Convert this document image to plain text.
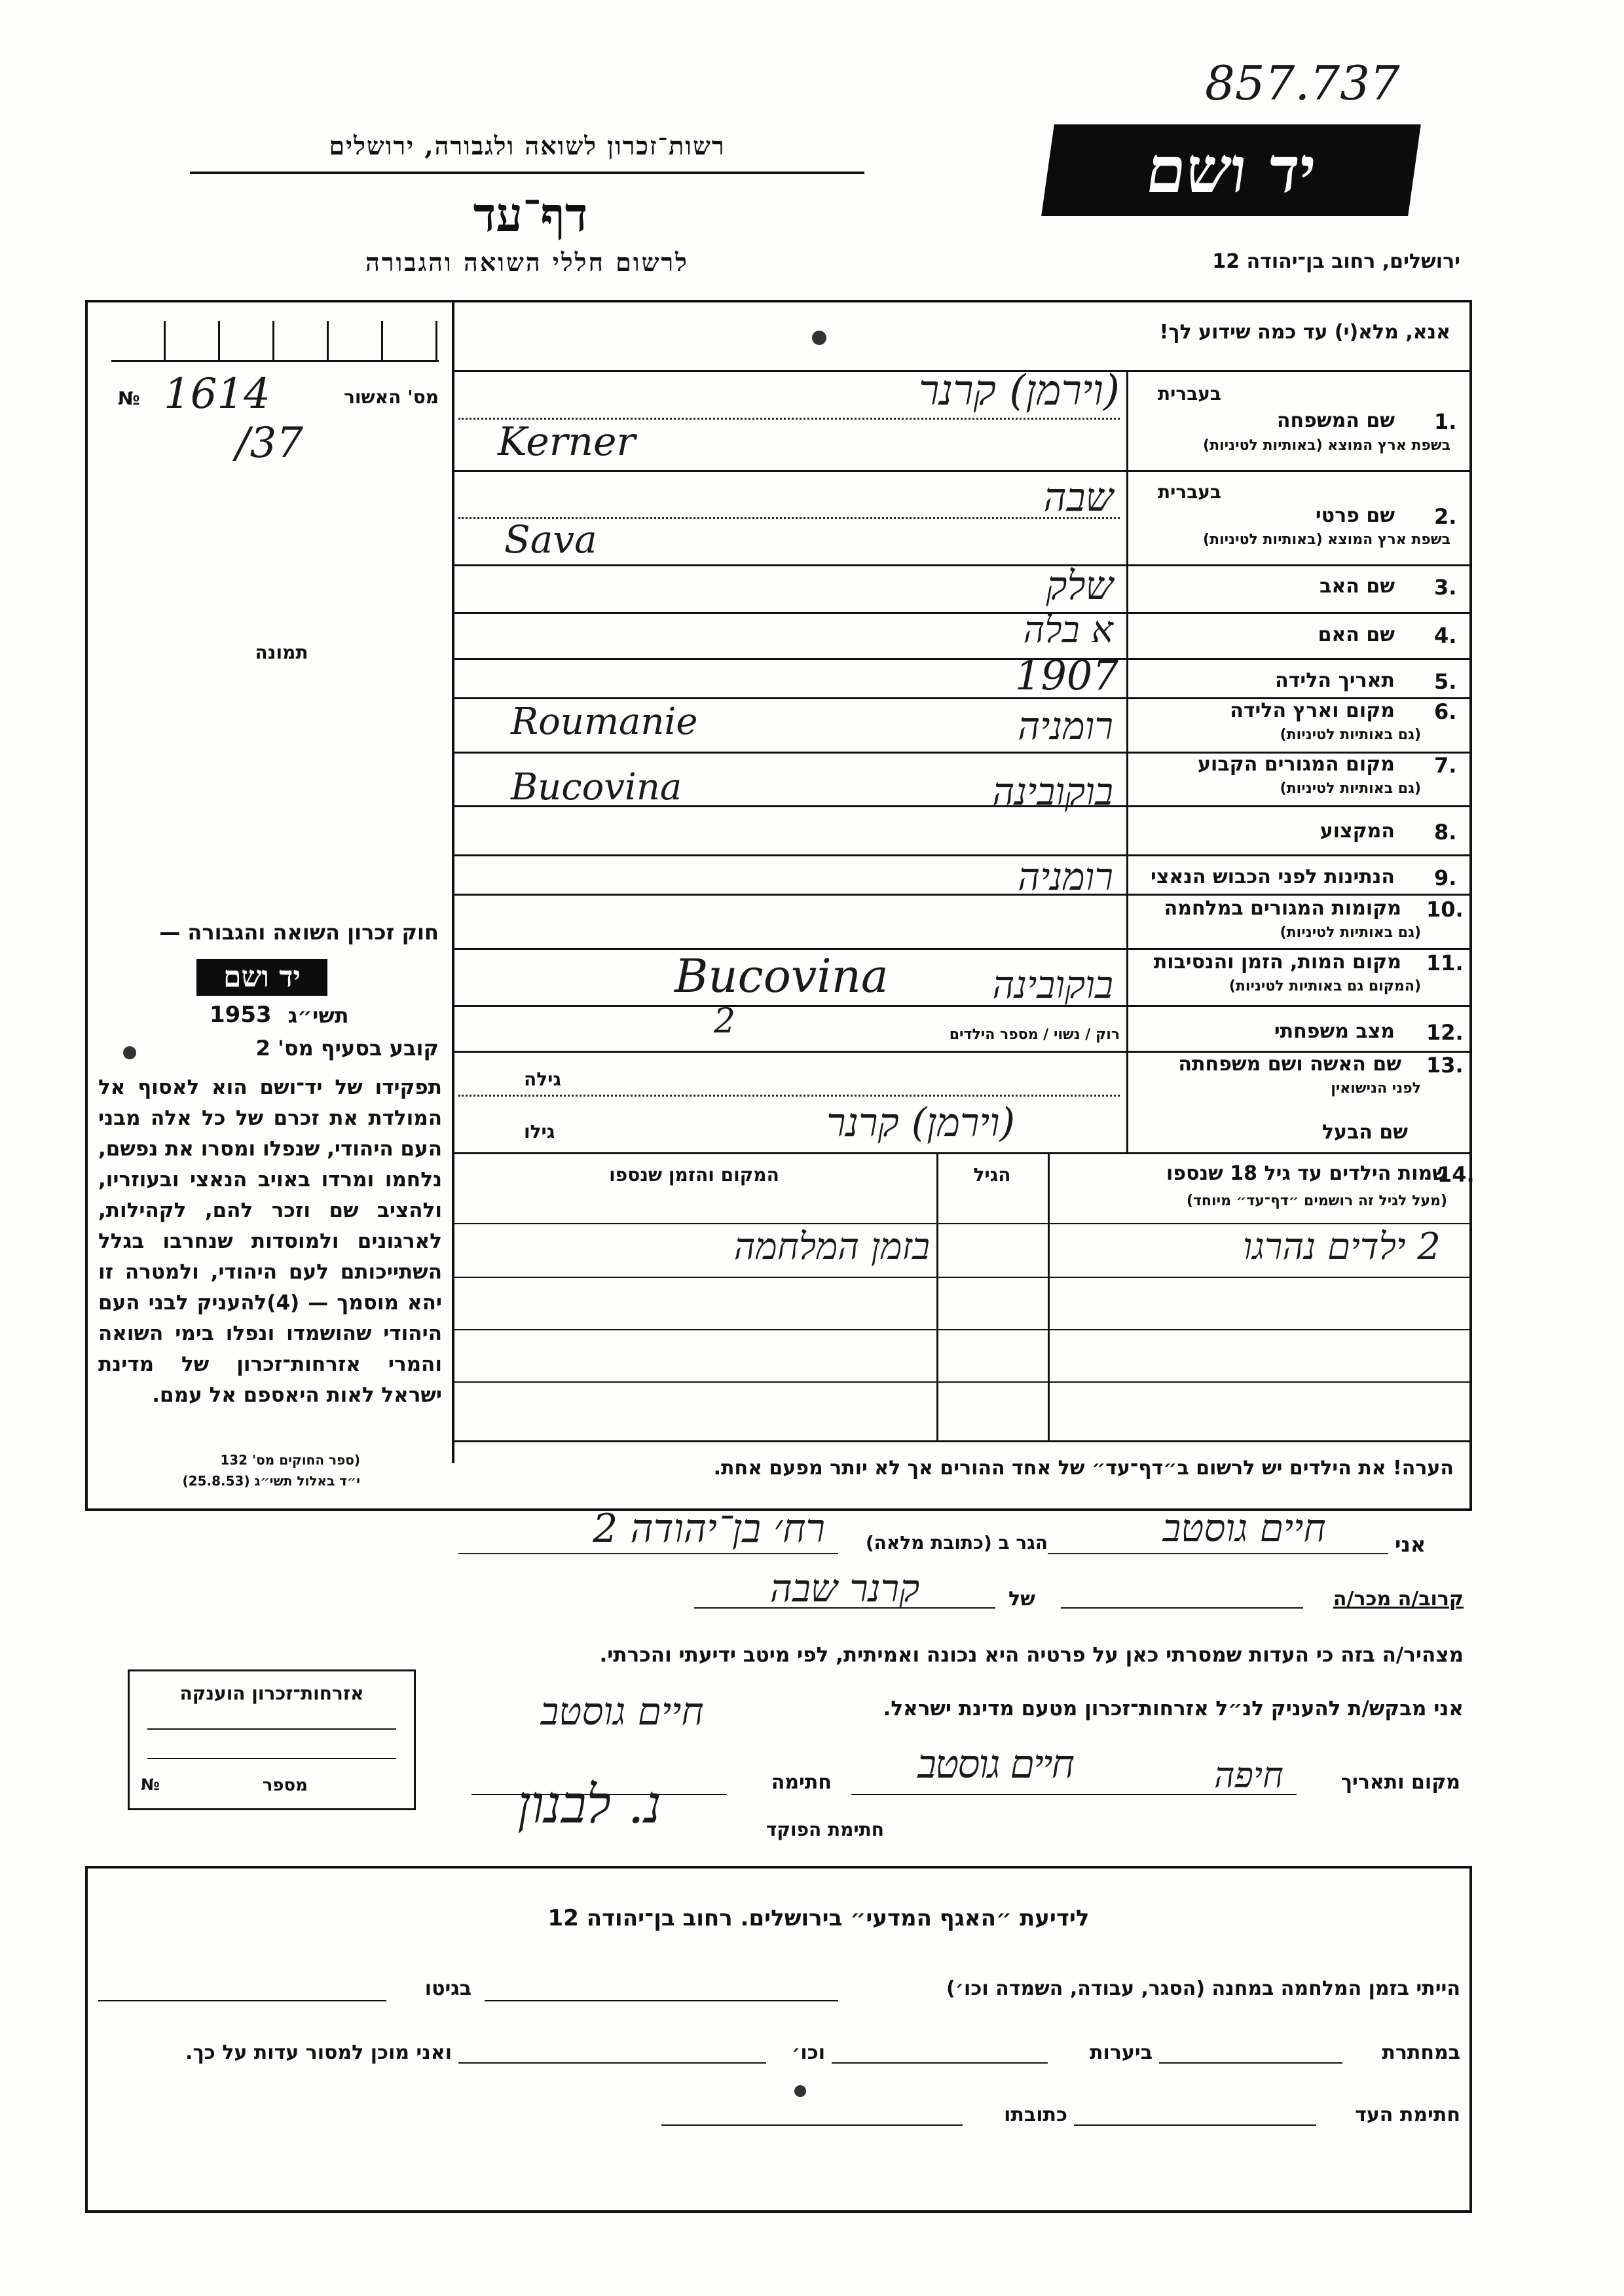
857.737
רשות־זכרון לשואה ולגבורה, ירושלים
דף־עד
לרשום חללי השואה והגבורה
יד ושם
ירושלים, רחוב בן־יהודה 12
מס' האשור
№ 1614
/37
תמונה
חוק זכרון השואה והגבורה —
יד ושם
1953 תשי״ג
קובע בסעיף מס' 2
תפקידו של יד־ושם הוא לאסוף אל המולדת את זכרם של כל אלה מבני העם היהודי, שנפלו ומסרו את נפשם, נלחמו ומרדו באויב הנאצי ובעוזריו, ולהציב שם וזכר להם, לקהילות, לארגונים ולמוסדות שנחרבו בגלל השתייכותם לעם היהודי, ולמטרה זו יהא מוסמך — (4)להעניק לבני העם היהודי שהושמדו ונפלו בימי השואה והמרי אזרחות־זכרון של מדינת ישראל לאות היאספם אל עמם.
(ספר החוקים מס' 132
י״ד באלול תשי״ג (25.8.53)
אנא, מלא(י) עד כמה שידוע לך!
בעברית
שם המשפחה 1.
בשפת ארץ המוצא (באותיות לטיניות)
(וירמן) קרנר
Kerner
בעברית
שם פרטי 2.
בשפת ארץ המוצא (באותיות לטיניות)
שבה
Sava
שם האב 3.
שלק
שם האם 4.
א בלה
תאריך הלידה 5.
1907
מקום וארץ הלידה 6.
(גם באותיות לטיניות)
רומניה
Roumanie
מקום המגורים הקבוע 7.
(גם באותיות לטיניות)
בוקובינה
Bucovina
המקצוע 8.
הנתינות לפני הכבוש הנאצי 9.
רומניה
מקומות המגורים במלחמה 10.
(גם באותיות לטיניות)
מקום המות, הזמן והנסיבות 11.
(המקום גם באותיות לטיניות)
בוקובינה
Bucovina
מצב משפחתי 12.
רוק / נשוי / מספר הילדים
2
שם האשה ושם משפחתה 13.
לפני הנישואין
גילה
שם הבעל
גילו	(וירמן) קרנר
שמות הילדים עד גיל 18 שנספו
14.
(מעל לגיל זה רושמים ״דף־עד״ מיוחד)
הגיל
המקום והזמן שנספו
2 ילדים נהרגו
בזמן המלחמה
הערה! את הילדים יש לרשום ב״דף־עד״ של אחד ההורים אך לא יותר מפעם אחת.
אני
חיים גוסטב
הגר ב (כתובת מלאה)
רח׳ בן־יהודה 2
קרוב/ה מכר/ה
של
קרנר שבה
מצהיר/ה בזה כי העדות שמסרתי כאן על פרטיה היא נכונה ואמיתית, לפי מיטב ידיעתי והכרתי.
אני מבקש/ת להעניק לנ״ל אזרחות־זכרון מטעם מדינת ישראל.
מקום ותאריך
חיפה
חיים גוסטב
חתימה
חיים גוסטב
חתימת הפוקד
נ. לבנון
אזרחות־זכרון הוענקה
מספר
№
לידיעת ״האגף המדעי״ בירושלים. רחוב בן־יהודה 12
הייתי בזמן המלחמה במחנה (הסגר, עבודה, השמדה וכו׳)
בגיטו
במחתרת
ביערות
וכו׳
ואני מוכן למסור עדות על כך.
חתימת העד
כתובתו
